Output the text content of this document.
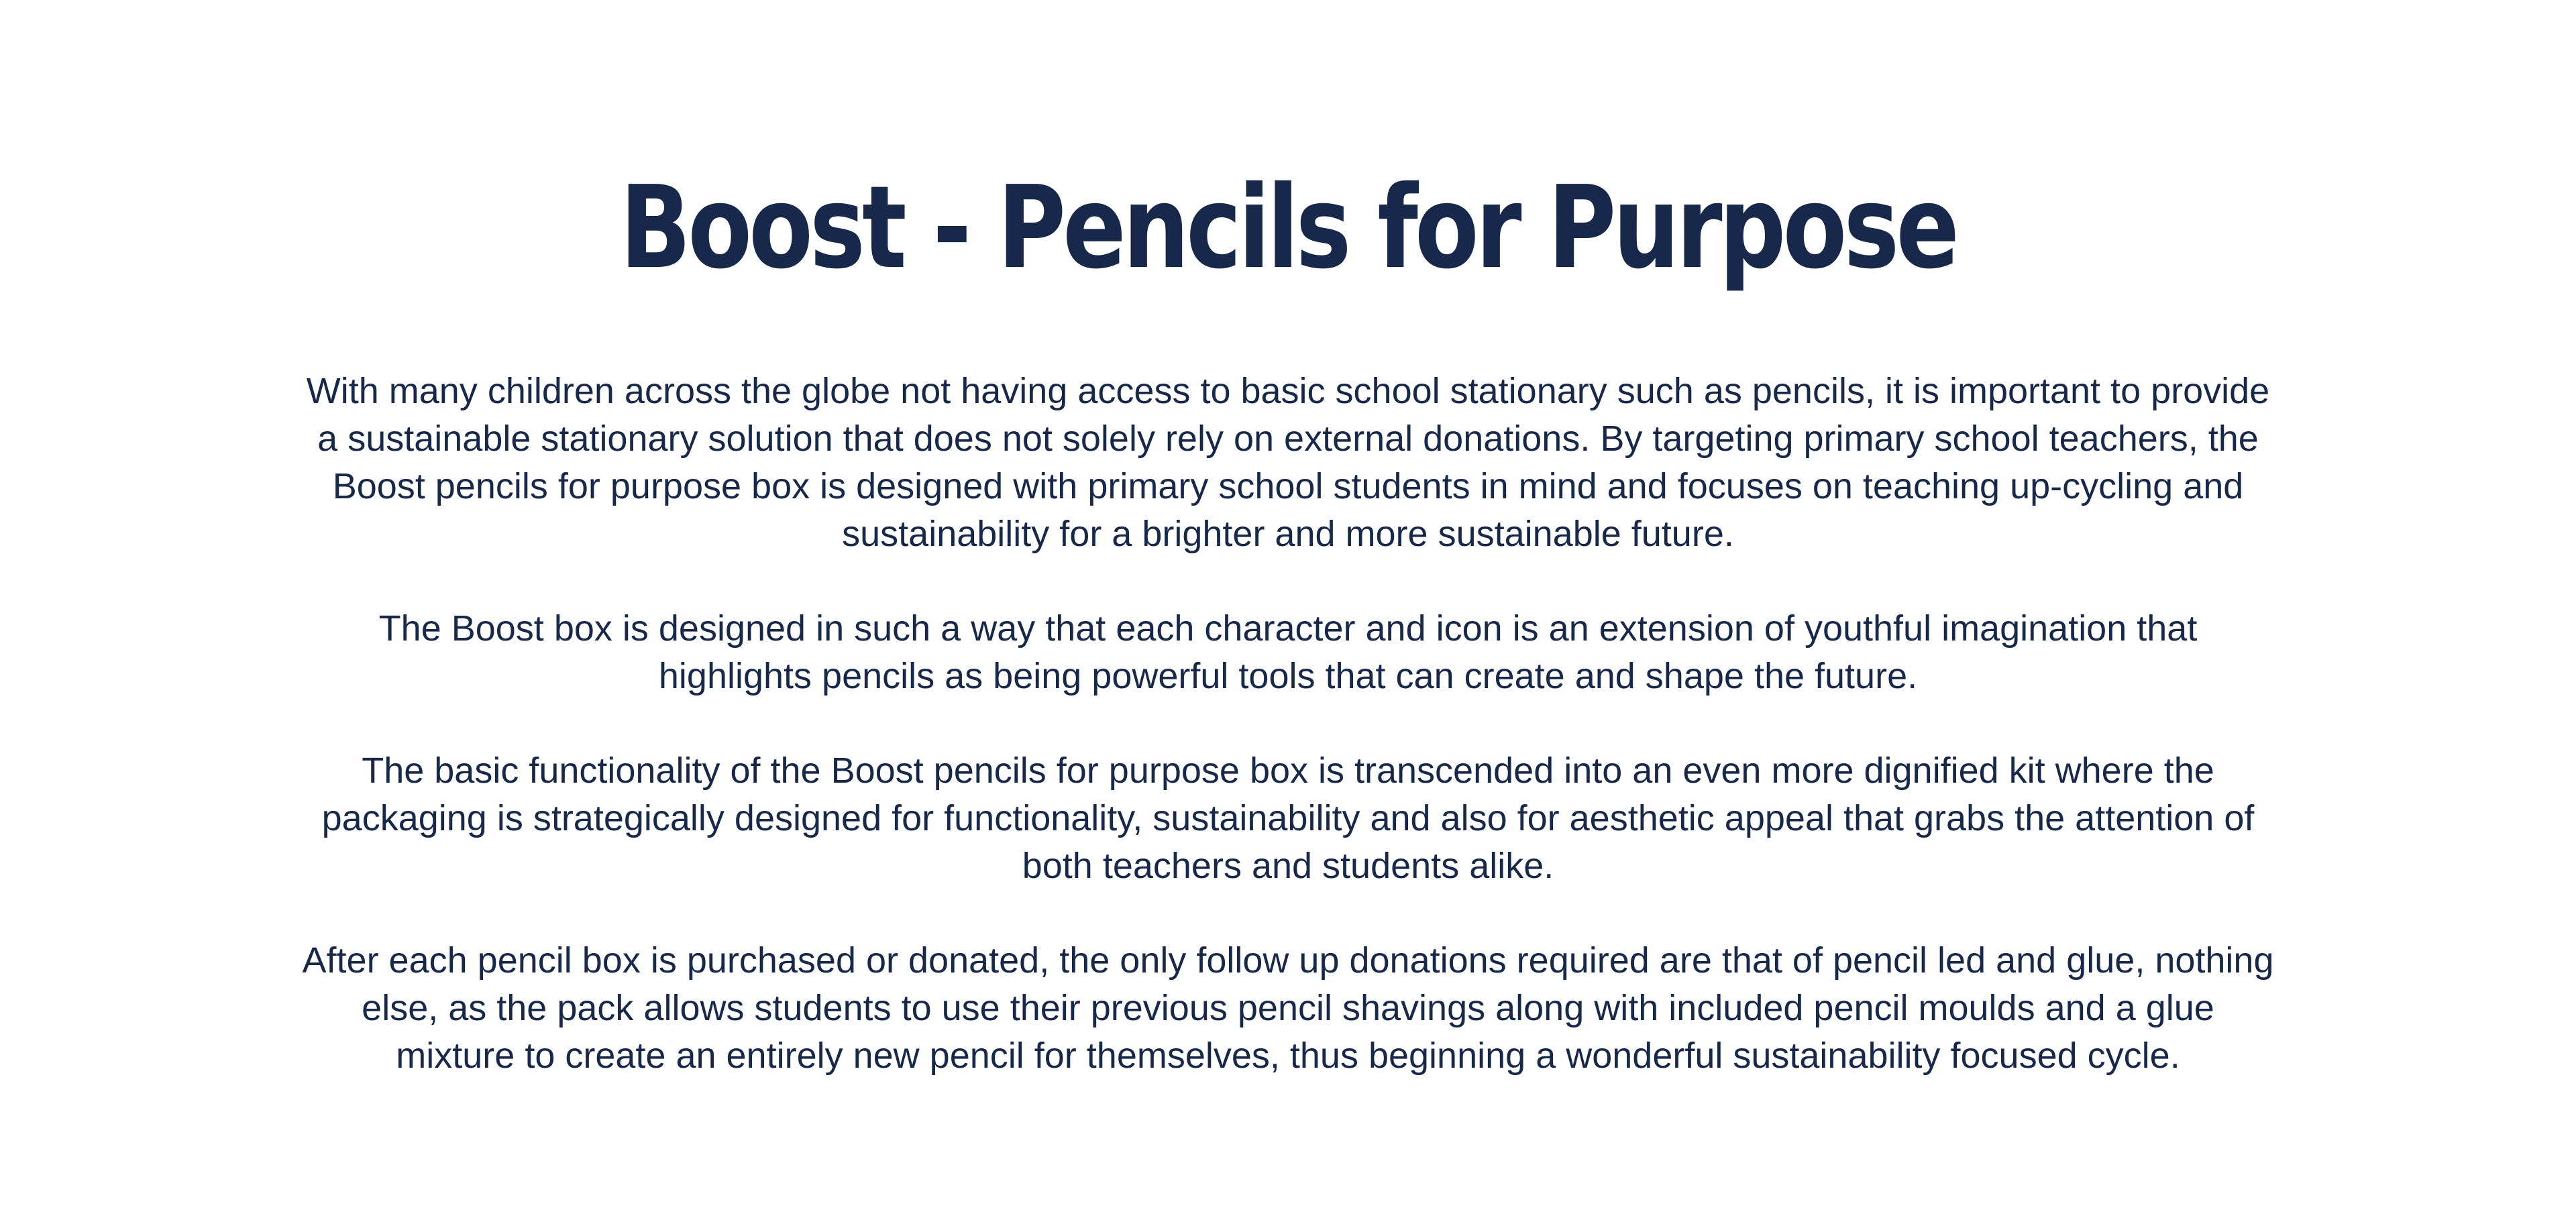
Boost - Pencils for Purpose

With many children across the globe not having access to basic school stationary such as pencils, it is important to provide a sustainable stationary solution that does not solely rely on external donations. By targeting primary school teachers, the Boost pencils for purpose box is designed with primary school students in mind and focuses on teaching up-cycling and sustainability for a brighter and more sustainable future.

The Boost box is designed in such a way that each character and icon is an extension of youthful imagination that highlights pencils as being powerful tools that can create and shape the future.

The basic functionality of the Boost pencils for purpose box is transcended into an even more dignified kit where the packaging is strategically designed for functionality, sustainability and also for aesthetic appeal that grabs the attention of both teachers and students alike.

After each pencil box is purchased or donated, the only follow up donations required are that of pencil led and glue, nothing else, as the pack allows students to use their previous pencil shavings along with included pencil moulds and a glue mixture to create an entirely new pencil for themselves, thus beginning a wonderful sustainability focused cycle.
